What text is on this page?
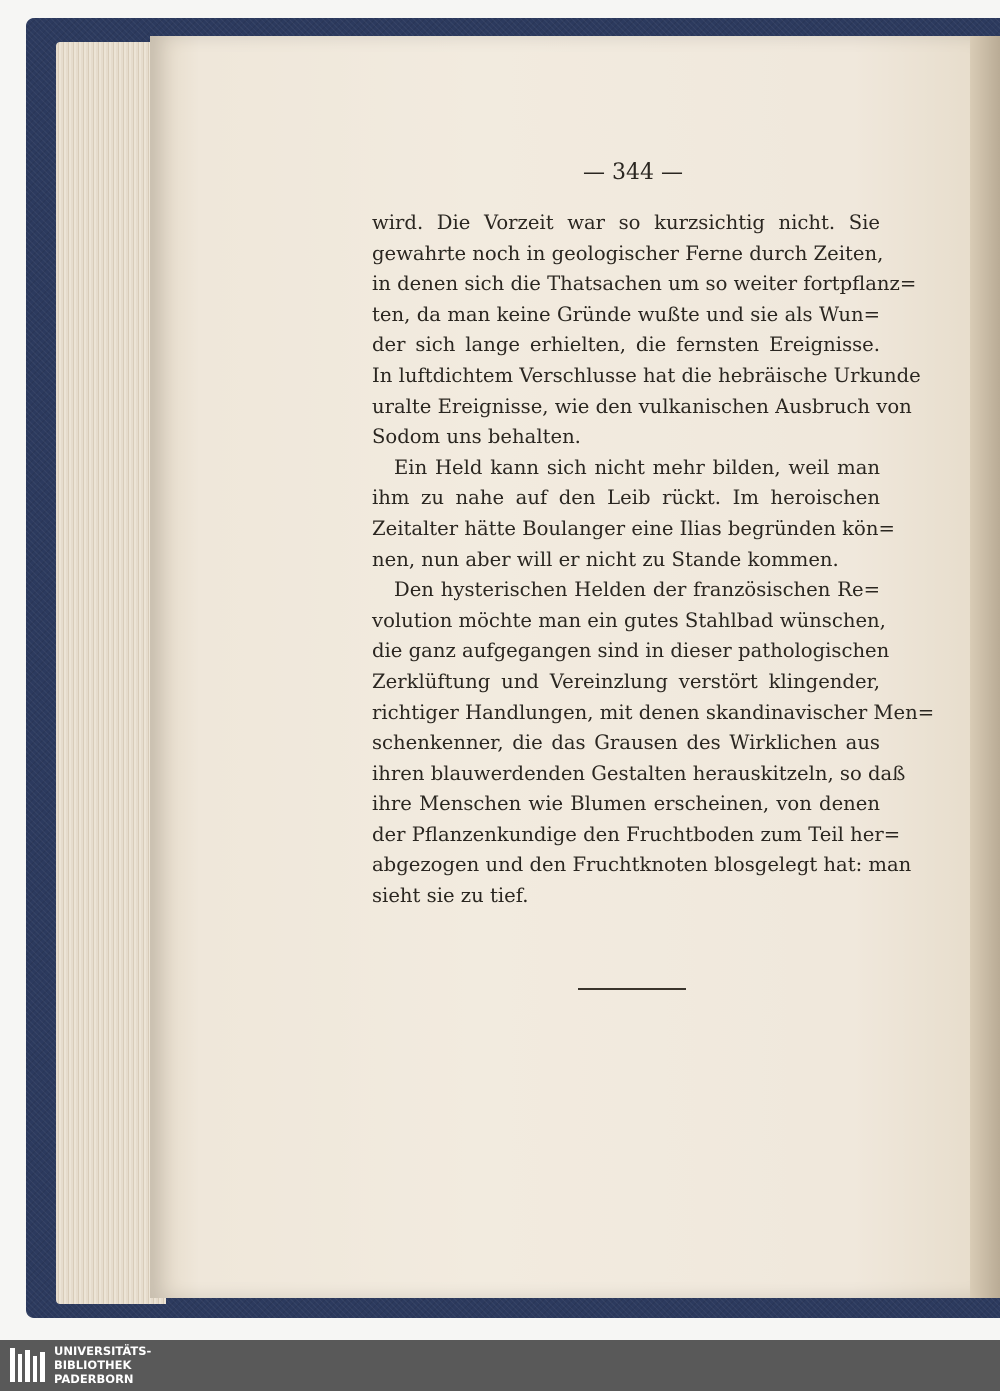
— 344 —
wird. Die Vorzeit war so kurzsichtig nicht. Sie
gewahrte noch in geologischer Ferne durch Zeiten,
in denen sich die Thatsachen um so weiter fortpflanz=
ten, da man keine Gründe wußte und sie als Wun=
der sich lange erhielten, die fernsten Ereignisse.
In luftdichtem Verschlusse hat die hebräische Urkunde
uralte Ereignisse, wie den vulkanischen Ausbruch von
Sodom uns behalten.
Ein Held kann sich nicht mehr bilden, weil man
ihm zu nahe auf den Leib rückt. Im heroischen
Zeitalter hätte Boulanger eine Ilias begründen kön=
nen, nun aber will er nicht zu Stande kommen.
Den hysterischen Helden der französischen Re=
volution möchte man ein gutes Stahlbad wünschen,
die ganz aufgegangen sind in dieser pathologischen
Zerklüftung und Vereinzlung verstört klingender,
richtiger Handlungen, mit denen skandinavischer Men=
schenkenner, die das Grausen des Wirklichen aus
ihren blauwerdenden Gestalten herauskitzeln, so daß
ihre Menschen wie Blumen erscheinen, von denen
der Pflanzenkundige den Fruchtboden zum Teil her=
abgezogen und den Fruchtknoten blosgelegt hat: man
sieht sie zu tief.
UNIVERSITÄTS-
BIBLIOTHEK
PADERBORN
